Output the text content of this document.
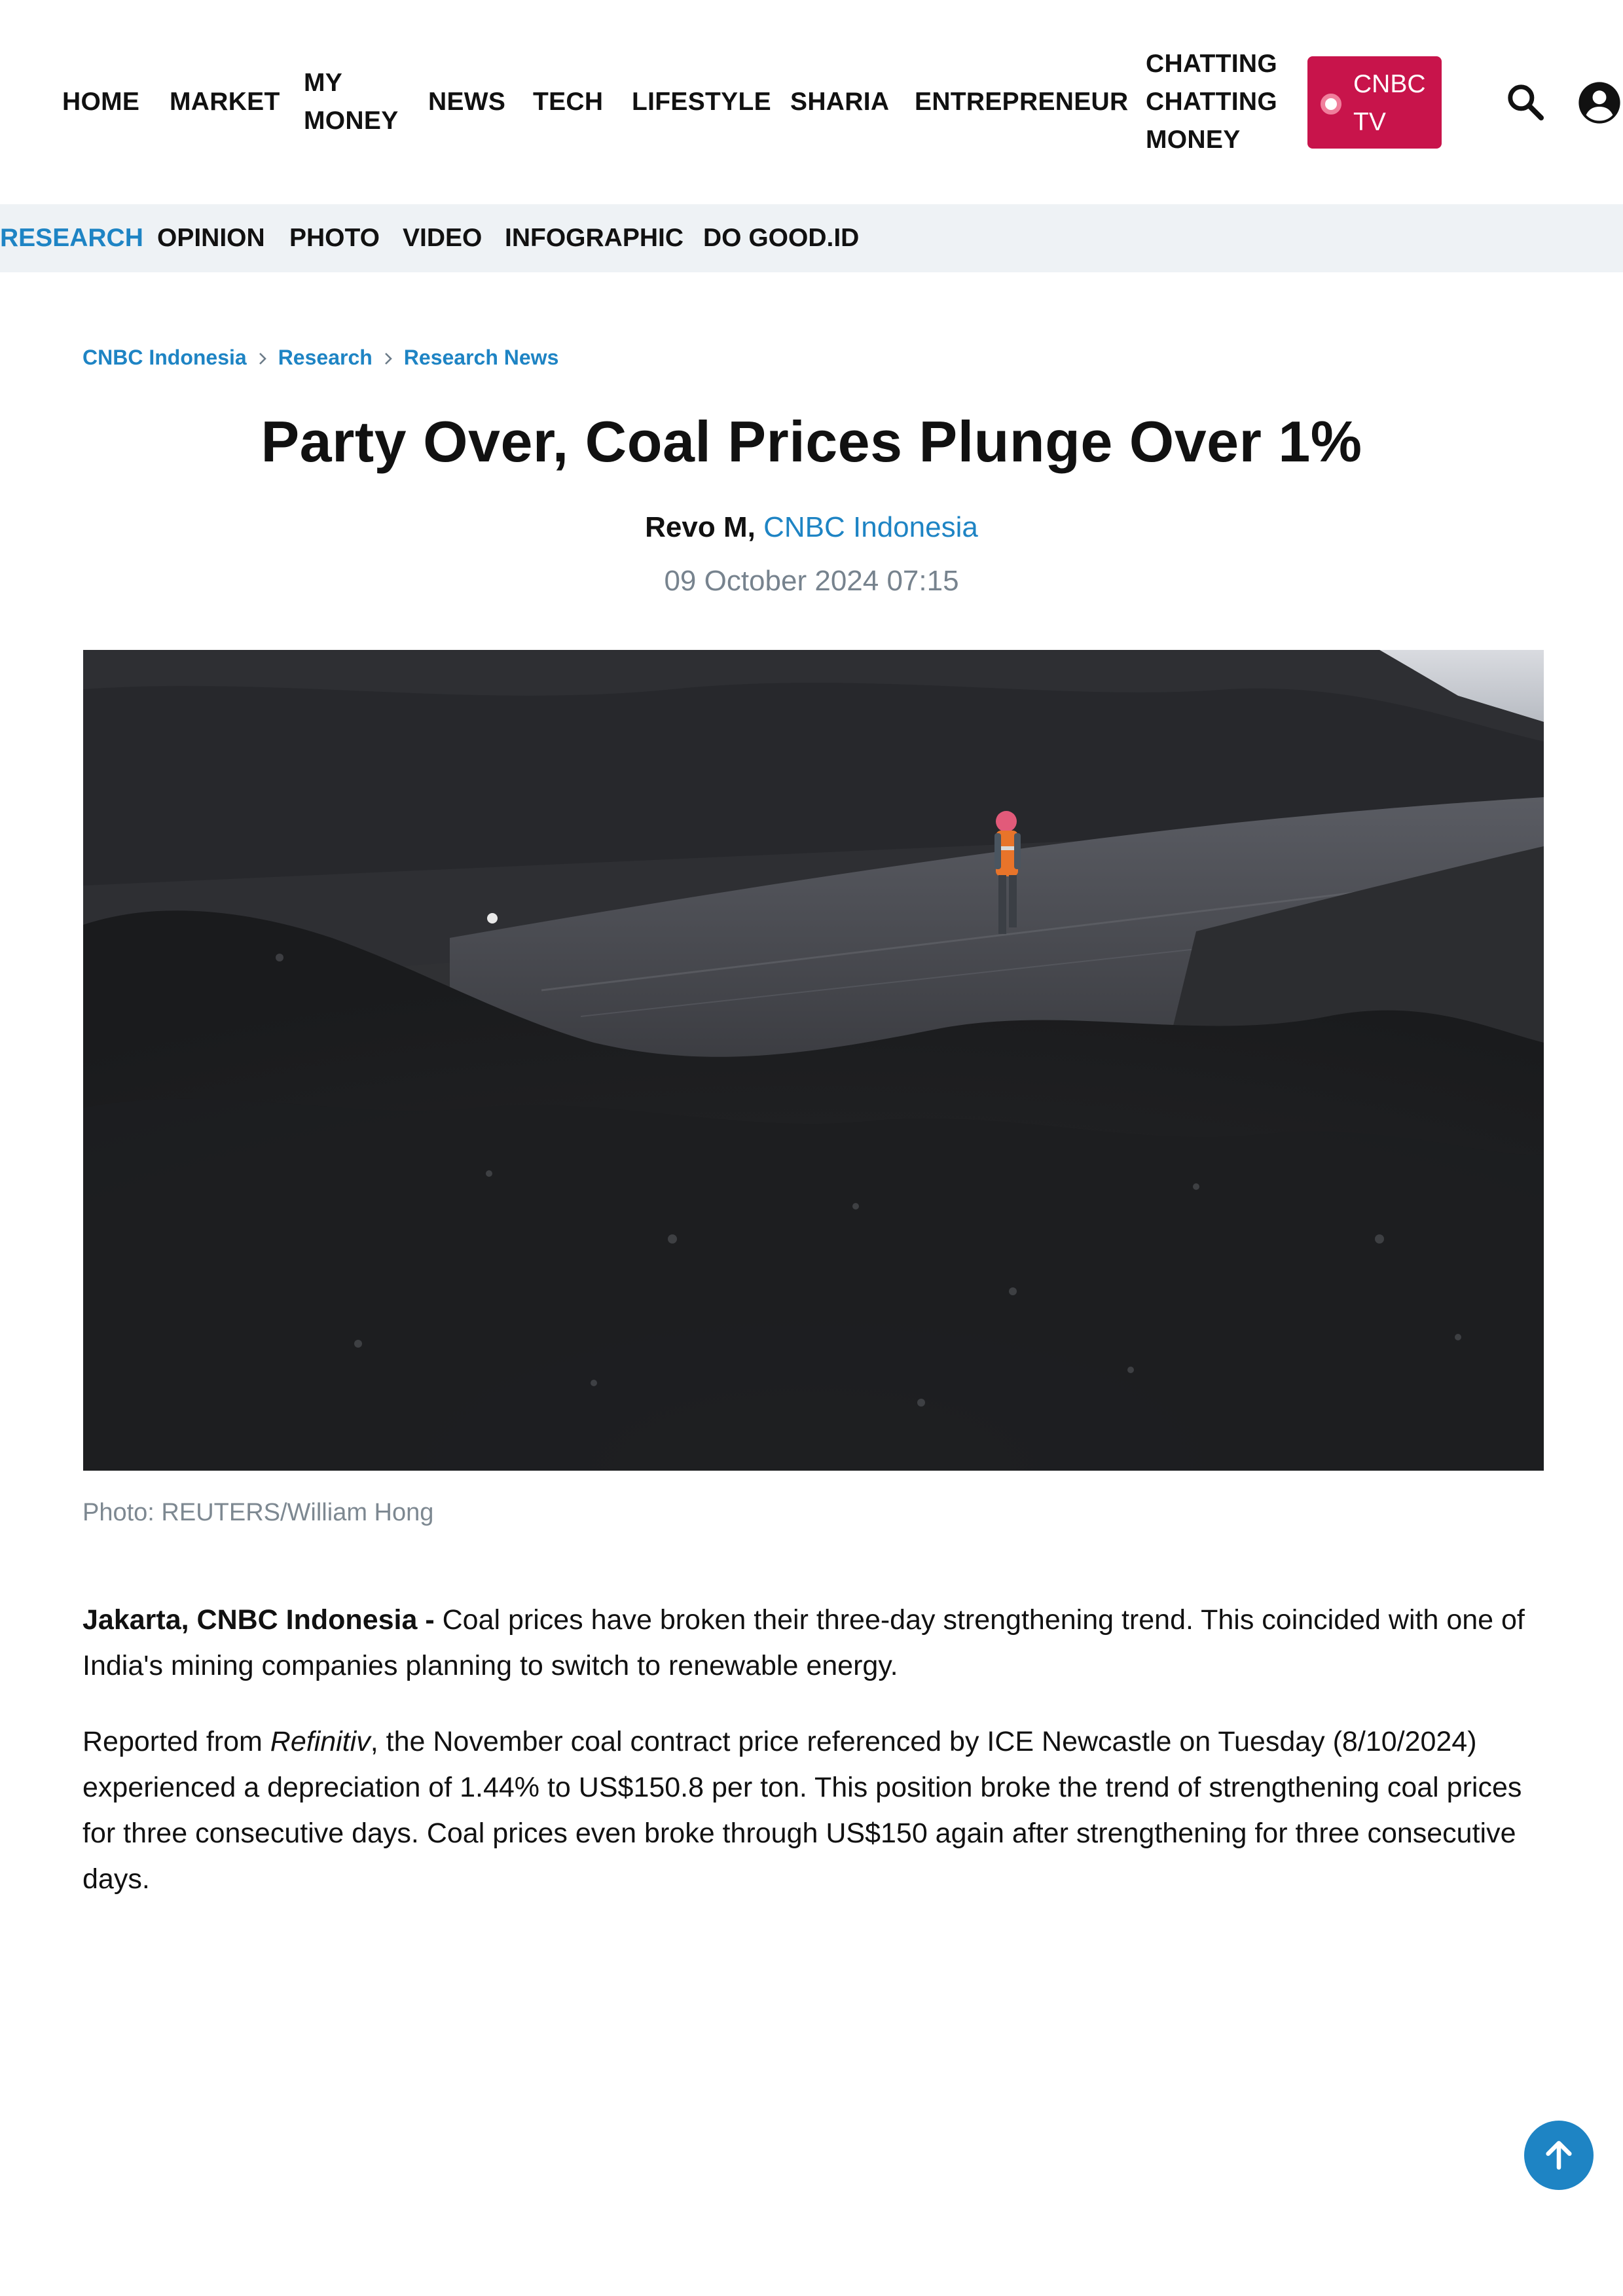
HOME MARKET
MY MONEY
NEWS TECH LIFESTYLE SHARIA ENTREPRENEUR
CHATTING CHATTING MONEY
CNBC TV
RESEARCH OPINION PHOTO VIDEO INFOGRAPHIC DO GOOD.ID
CNBC Indonesia Research Research News
Party Over, Coal Prices Plunge Over 1%
Revo M, CNBC Indonesia
09 October 2024 07:15
Photo: REUTERS/William Hong

Jakarta, CNBC Indonesia - Coal prices have broken their three-day strengthening trend. This coincided with one of India's mining companies planning to switch to renewable energy.

Reported from Refinitiv, the November coal contract price referenced by ICE Newcastle on Tuesday (8/10/2024) experienced a depreciation of 1.44% to US$150.8 per ton. This position broke the trend of strengthening coal prices for three consecutive days. Coal prices even broke through US$150 again after strengthening for three consecutive days.
